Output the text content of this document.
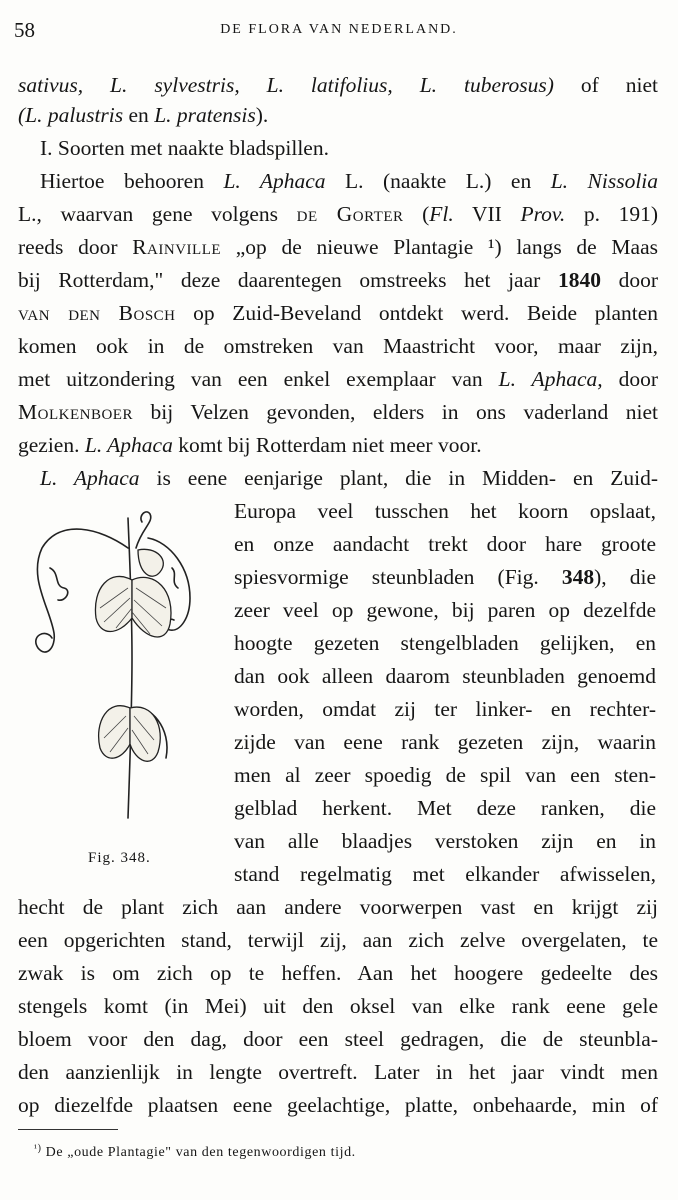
58	DE FLORA VAN NEDERLAND.
sativus, L. sylvestris, L. latifolius, L. tuberosus) of niet
(L. palustris en L. pratensis).
I. Soorten met naakte bladspillen.
Hiertoe behooren L. Aphaca L. (naakte L.) en L. Nissolia
L., waarvan gene volgens de Gorter (Fl. VII Prov. p. 191)
reeds door Rainville „op de nieuwe Plantagie ¹) langs de Maas
bij Rotterdam," deze daarentegen omstreeks het jaar 1840 door
van den Bosch op Zuid-Beveland ontdekt werd. Beide planten
komen ook in de omstreken van Maastricht voor, maar zijn,
met uitzondering van een enkel exemplaar van L. Aphaca, door
Molkenboer bij Velzen gevonden, elders in ons vaderland niet
gezien. L. Aphaca komt bij Rotterdam niet meer voor.
L. Aphaca is eene eenjarige plant, die in Midden- en Zuid-
Europa veel tusschen het koorn opslaat,
en onze aandacht trekt door hare groote
spiesvormige steunbladen (Fig. 348), die
zeer veel op gewone, bij paren op dezelfde
hoogte gezeten stengelbladen gelijken, en
dan ook alleen daarom steunbladen genoemd
worden, omdat zij ter linker- en rechter-
zijde van eene rank gezeten zijn, waarin
men al zeer spoedig de spil van een sten-
gelblad herkent. Met deze ranken, die
van alle blaadjes verstoken zijn en in
stand regelmatig met elkander afwisselen,
hecht de plant zich aan andere voorwerpen vast en krijgt zij
een opgerichten stand, terwijl zij, aan zich zelve overgelaten, te
zwak is om zich op te heffen. Aan het hoogere gedeelte des
stengels komt (in Mei) uit den oksel van elke rank eene gele
bloem voor den dag, door een steel gedragen, die de steunbla-
den aanzienlijk in lengte overtreft. Later in het jaar vindt men
op diezelfde plaatsen eene geelachtige, platte, onbehaarde, min of
Fig. 348.
$^{^1)}$ De „oude Plantagie" van den tegenwoordigen tijd.
